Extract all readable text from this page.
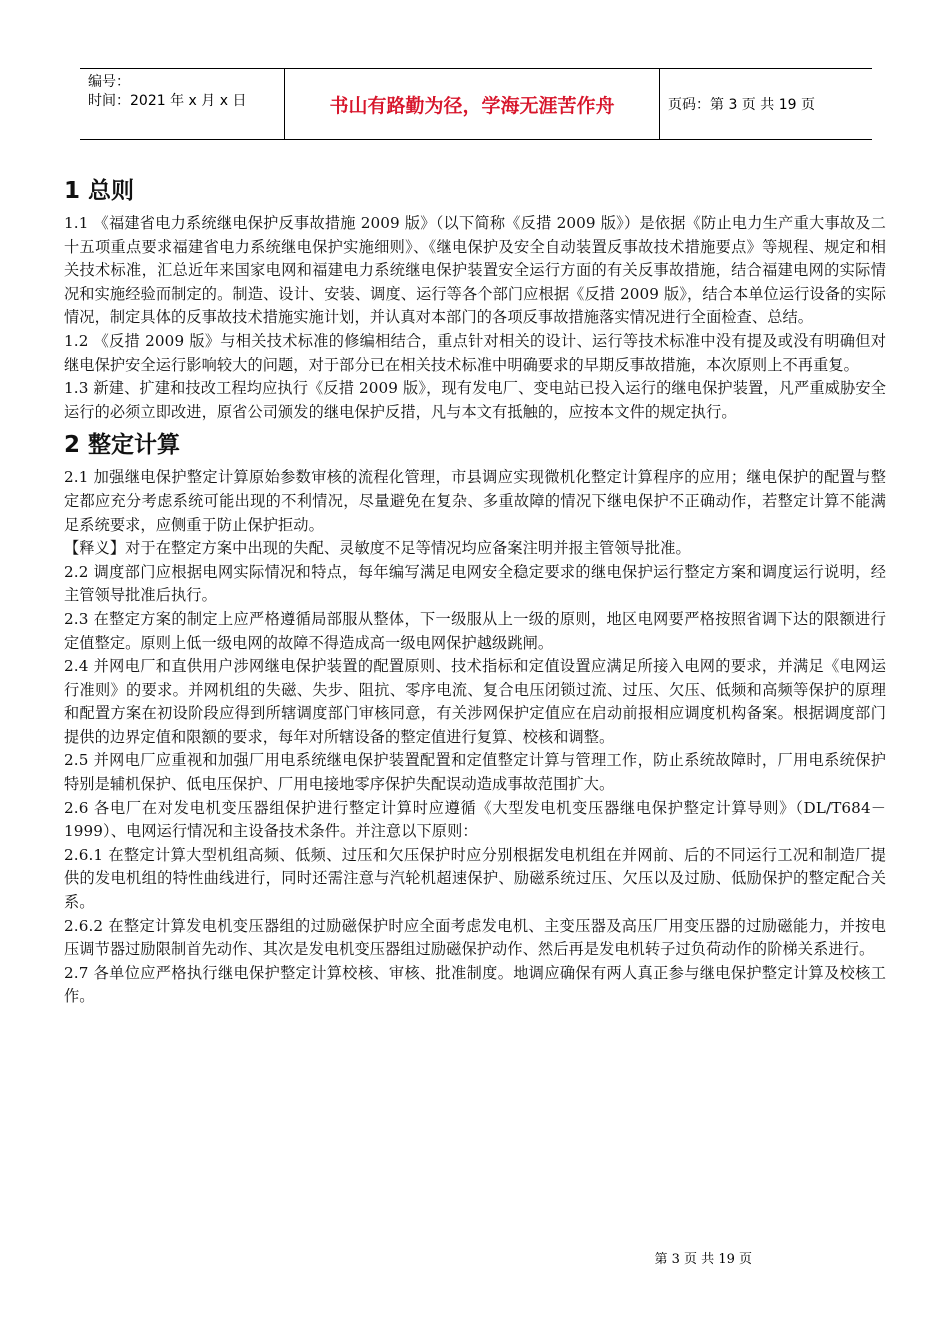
编号：
时间：2021 年 x 月 x 日	书山有路勤为径，学海无涯苦作舟	页码：第 3 页 共 19 页
1 总则

1.1 《福建省电力系统继电保护反事故措施 2009 版》（以下简称《反措 2009 版》）是依据《防止电力生产重大事故及二十五项重点要求福建省电力系统继电保护实施细则》、《继电保护及安全自动装置反事故技术措施要点》等规程、规定和相关技术标准，汇总近年来国家电网和福建电力系统继电保护装置安全运行方面的有关反事故措施，结合福建电网的实际情况和实施经验而制定的。制造、设计、安装、调度、运行等各个部门应根据《反措 2009 版》，结合本单位运行设备的实际情况，制定具体的反事故技术措施实施计划，并认真对本部门的各项反事故措施落实情况进行全面检查、总结。

1.2 《反措 2009 版》与相关技术标准的修编相结合，重点针对相关的设计、运行等技术标准中没有提及或没有明确但对继电保护安全运行影响较大的问题，对于部分已在相关技术标准中明确要求的早期反事故措施，本次原则上不再重复。

1.3 新建、扩建和技改工程均应执行《反措 2009 版》，现有发电厂、变电站已投入运行的继电保护装置，凡严重威胁安全运行的必须立即改进，原省公司颁发的继电保护反措，凡与本文有抵触的，应按本文件的规定执行。

2 整定计算

2.1 加强继电保护整定计算原始参数审核的流程化管理，市县调应实现微机化整定计算程序的应用；继电保护的配置与整定都应充分考虑系统可能出现的不利情况，尽量避免在复杂、多重故障的情况下继电保护不正确动作，若整定计算不能满足系统要求，应侧重于防止保护拒动。

【释义】对于在整定方案中出现的失配、灵敏度不足等情况均应备案注明并报主管领导批准。

2.2 调度部门应根据电网实际情况和特点，每年编写满足电网安全稳定要求的继电保护运行整定方案和调度运行说明，经主管领导批准后执行。

2.3 在整定方案的制定上应严格遵循局部服从整体，下一级服从上一级的原则，地区电网要严格按照省调下达的限额进行定值整定。原则上低一级电网的故障不得造成高一级电网保护越级跳闸。

2.4 并网电厂和直供用户涉网继电保护装置的配置原则、技术指标和定值设置应满足所接入电网的要求，并满足《电网运行准则》的要求。并网机组的失磁、失步、阻抗、零序电流、复合电压闭锁过流、过压、欠压、低频和高频等保护的原理和配置方案在初设阶段应得到所辖调度部门审核同意，有关涉网保护定值应在启动前报相应调度机构备案。根据调度部门提供的边界定值和限额的要求，每年对所辖设备的整定值进行复算、校核和调整。

2.5 并网电厂应重视和加强厂用电系统继电保护装置配置和定值整定计算与管理工作，防止系统故障时，厂用电系统保护特别是辅机保护、低电压保护、厂用电接地零序保护失配误动造成事故范围扩大。

2.6 各电厂在对发电机变压器组保护进行整定计算时应遵循《大型发电机变压器继电保护整定计算导则》（DL/T684－1999）、电网运行情况和主设备技术条件。并注意以下原则：

2.6.1 在整定计算大型机组高频、低频、过压和欠压保护时应分别根据发电机组在并网前、后的不同运行工况和制造厂提供的发电机组的特性曲线进行，同时还需注意与汽轮机超速保护、励磁系统过压、欠压以及过励、低励保护的整定配合关系。

2.6.2 在整定计算发电机变压器组的过励磁保护时应全面考虑发电机、主变压器及高压厂用变压器的过励磁能力，并按电压调节器过励限制首先动作、其次是发电机变压器组过励磁保护动作、然后再是发电机转子过负荷动作的阶梯关系进行。

2.7 各单位应严格执行继电保护整定计算校核、审核、批准制度。地调应确保有两人真正参与继电保护整定计算及校核工作。

第 3 页 共 19 页
